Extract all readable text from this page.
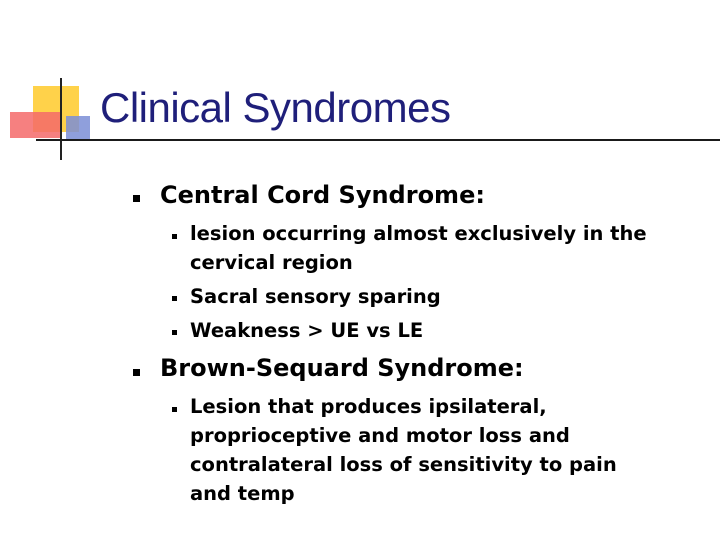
Clinical Syndromes
Central Cord Syndrome:
lesion occurring almost exclusively in the
cervical region
Sacral sensory sparing
Weakness > UE vs LE
Brown-Sequard Syndrome:
Lesion that produces ipsilateral,
proprioceptive and motor loss and
contralateral loss of sensitivity to pain
and temp
